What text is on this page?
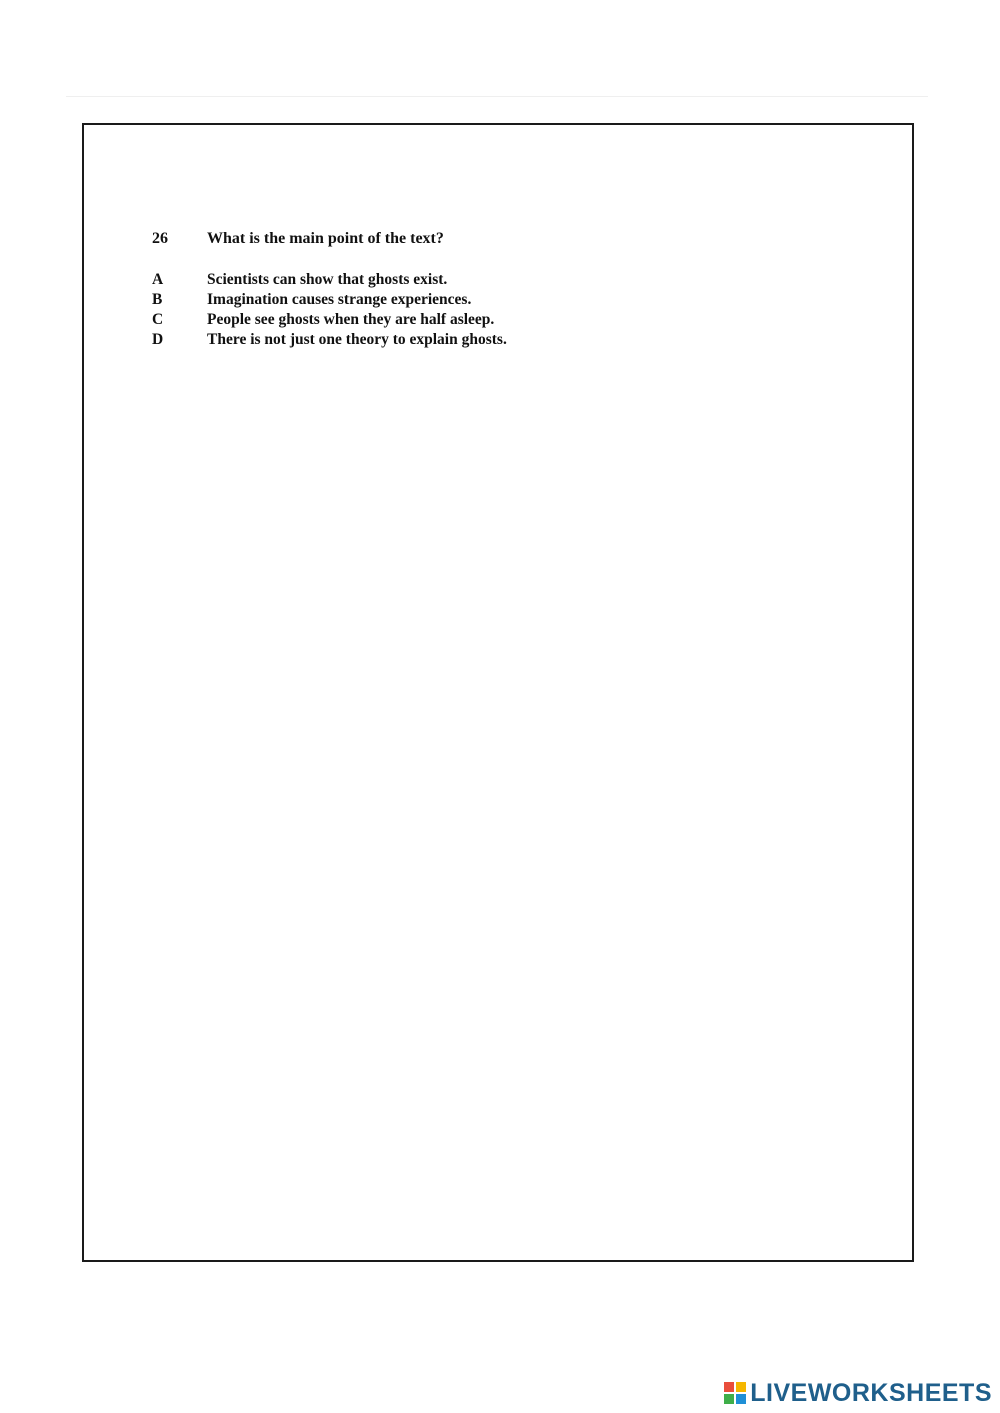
26	What is the main point of the text?
A	Scientists can show that ghosts exist.
B	Imagination causes strange experiences.
C	People see ghosts when they are half asleep.
D	There is not just one theory to explain ghosts.
LIVEWORKSHEETS
